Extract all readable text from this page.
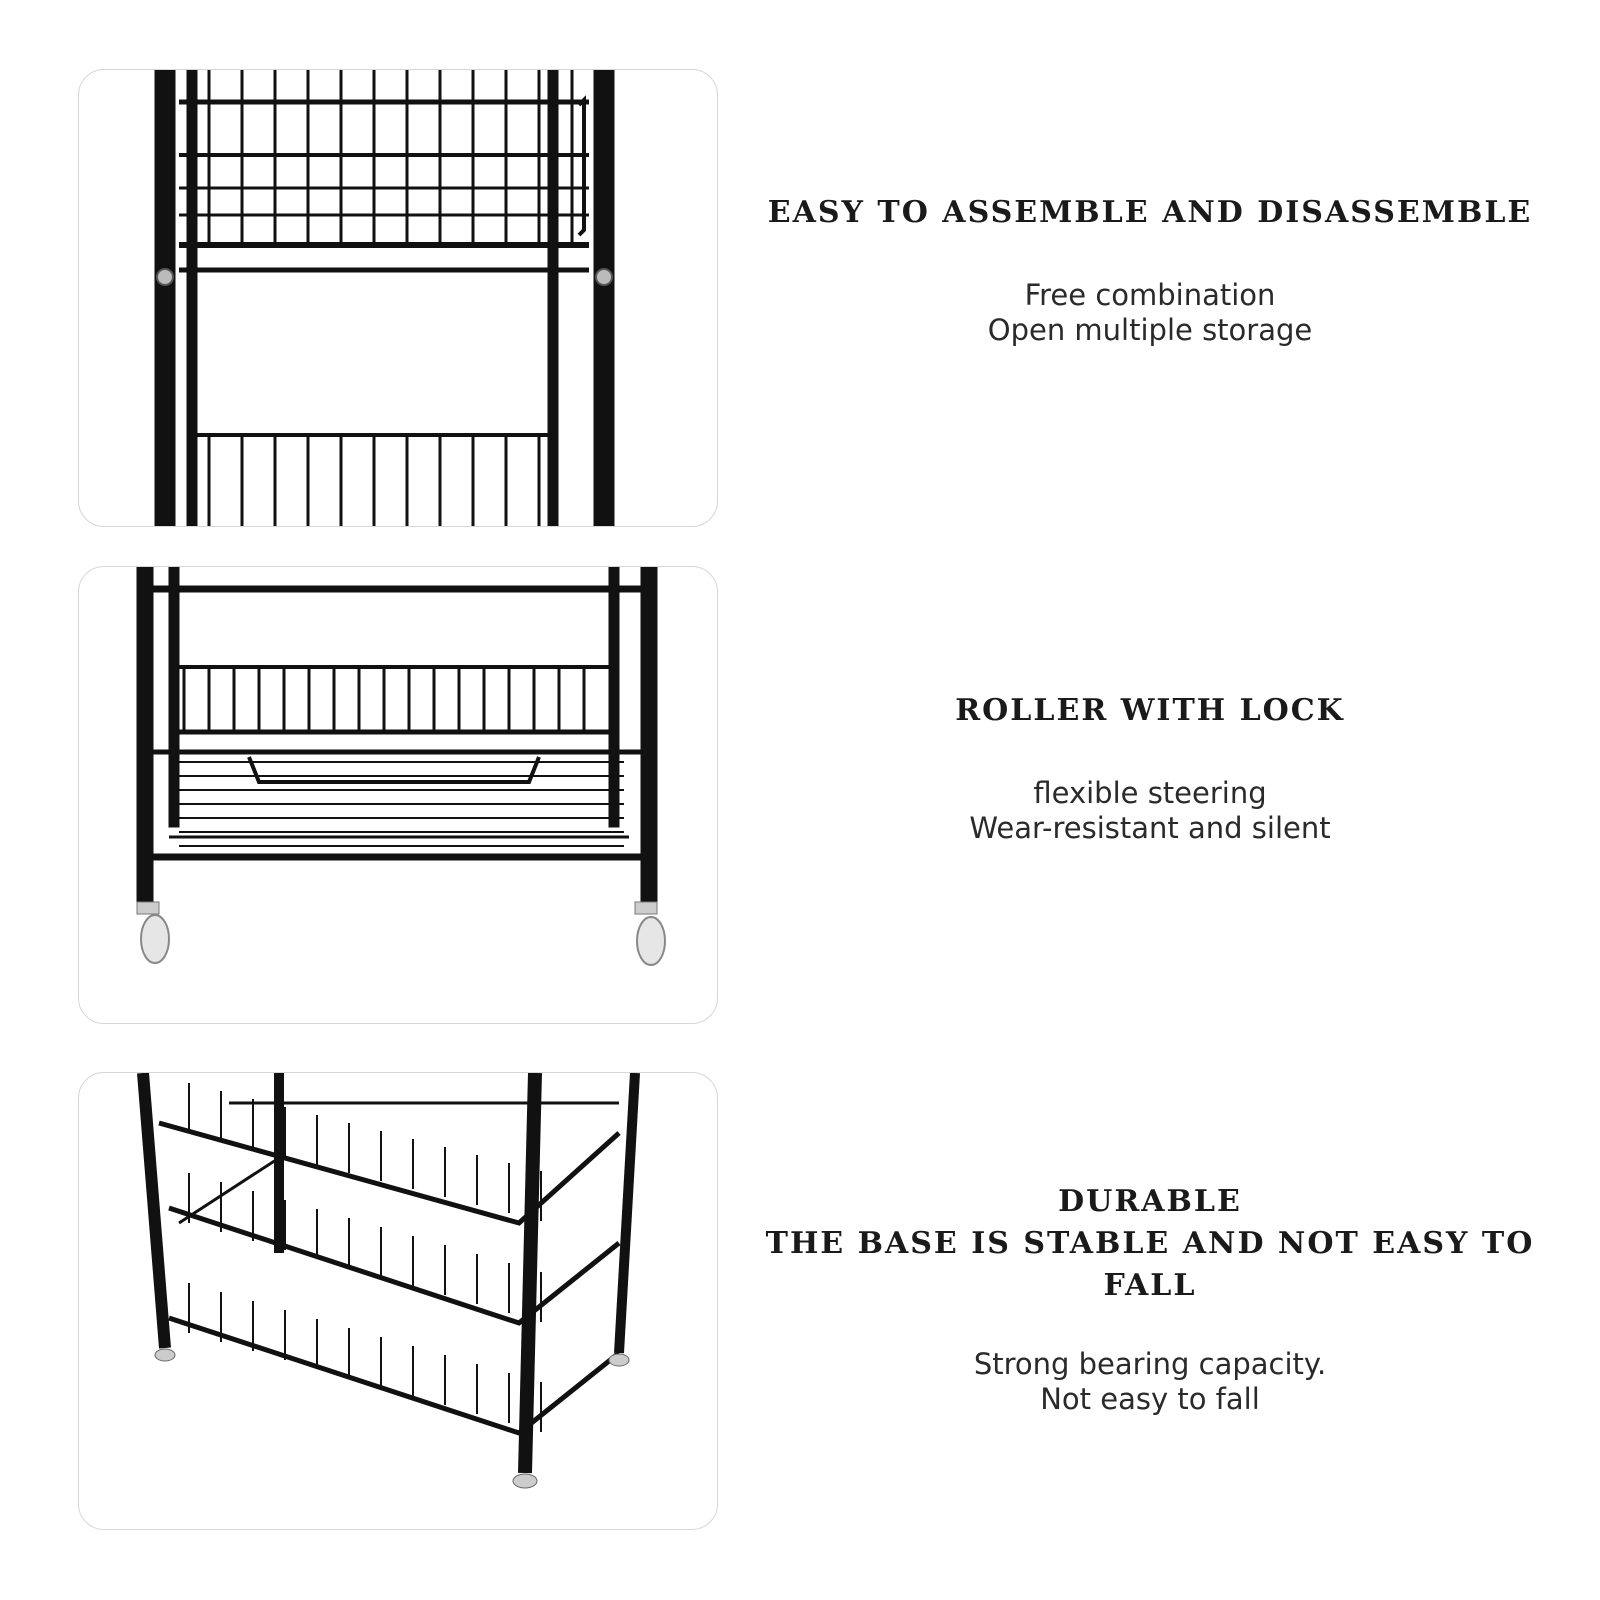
EASY TO ASSEMBLE AND DISASSEMBLE

Free combination
Open multiple storage

ROLLER WITH LOCK

flexible steering
Wear-resistant and silent

DURABLE
THE BASE IS STABLE AND NOT EASY TO FALL

Strong bearing capacity.
Not easy to fall
